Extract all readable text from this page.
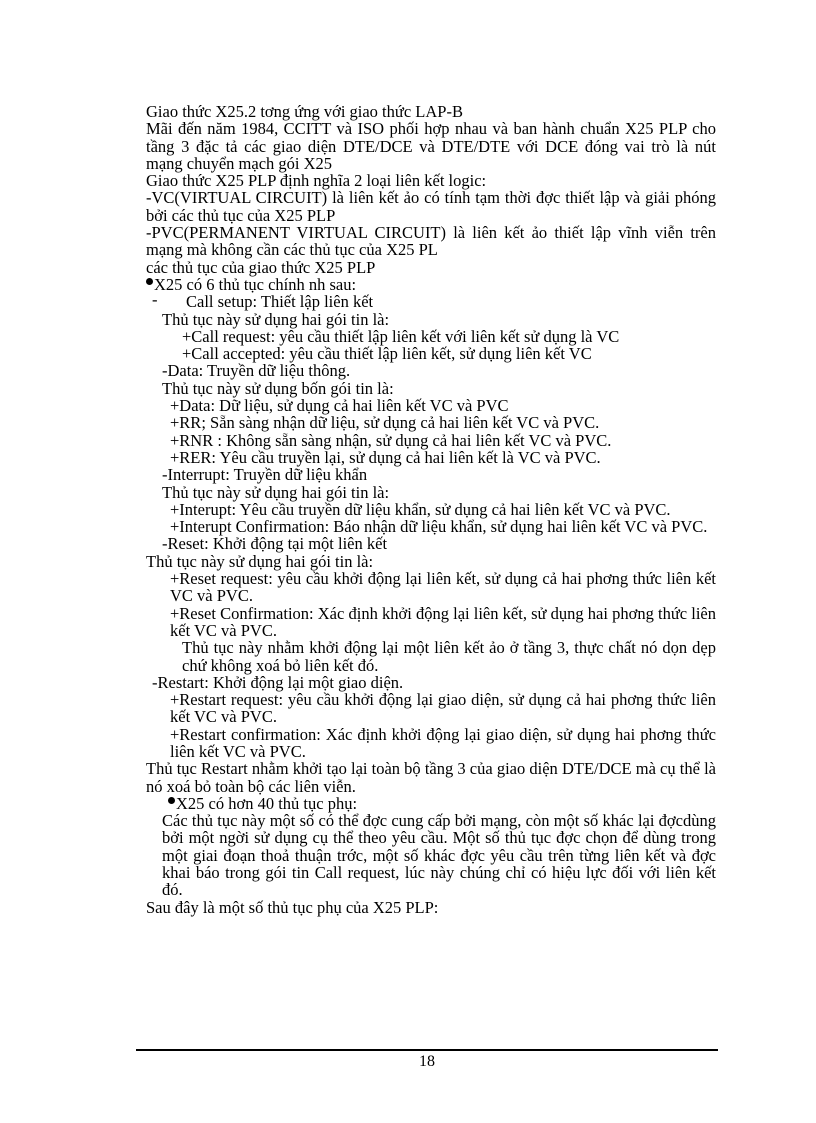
Giao thức X25.2 tơng ứng với giao thức LAP-B
Mãi đến năm 1984, CCITT và ISO phối hợp nhau và ban hành chuẩn X25 PLP cho tầng 3 đặc tả các giao diện DTE/DCE và DTE/DTE với DCE đóng vai trò là nút mạng chuyển mạch gói X25
Giao thức X25 PLP định nghĩa 2 loại liên kết logic:
-VC(VIRTUAL CIRCUIT) là liên kết ảo có tính tạm thời đợc thiết lập và giải phóng bởi các thủ tục của X25 PLP
-PVC(PERMANENT VIRTUAL CIRCUIT) là liên kết ảo thiết lập vĩnh viễn trên mạng mà không cần các thủ tục của X25 PL
các thủ tục của giao thức X25 PLP
X25 có 6 thủ tục chính nh sau:
-	Call setup: Thiết lập liên kết
Thủ tục này sử dụng hai gói tin là:
+Call request: yêu cầu thiết lập liên kết với liên kết sử dụng là VC
+Call accepted: yêu cầu thiết lập liên kết, sử dụng liên kết VC
-Data: Truyền dữ liệu thông.
Thủ tục này sử dụng bốn gói tin là:
+Data: Dữ liệu, sử dụng cả hai liên kết VC và PVC
+RR; Sẵn sàng nhận dữ liệu, sử dụng cả hai liên kết VC và PVC.
+RNR : Không sẵn sàng nhận, sử dụng cả hai liên kết VC và PVC.
+RER: Yêu cầu truyền lại, sử dụng cả hai liên kết là VC và PVC.
-Interrupt: Truyền dữ liệu khẩn
Thủ tục này sử dụng hai gói tin là:
+Interupt: Yêu cầu truyền dữ liệu khẩn, sử dụng cả hai liên kết VC và PVC.
+Interupt Confirmation: Báo nhận dữ liệu khẩn, sử dụng hai liên kết VC và PVC.
-Reset: Khởi động tại một liên kết
Thủ tục này sử dụng hai gói tin là:
+Reset request: yêu cầu khởi động lại liên kết, sử dụng cả hai phơng thức liên kết VC và PVC.
+Reset Confirmation: Xác định khởi động lại liên kết, sử dụng hai phơng thức liên kết VC và PVC.
Thủ tục này nhằm khởi động lại một liên kết ảo ở tầng 3, thực chất nó dọn dẹp chứ không xoá bỏ liên kết đó.
-Restart: Khởi động lại một giao diện.
+Restart request: yêu cầu khởi động lại giao diện, sử dụng cả hai phơng thức liên kết VC và PVC.
+Restart confirmation: Xác định khởi động lại giao diện, sử dụng hai phơng thức liên kết VC và PVC.
Thủ tục Restart nhằm khởi tạo lại toàn bộ tầng 3 của giao diện DTE/DCE mà cụ thể là nó xoá bỏ toàn bộ các liên viễn.
X25 có hơn 40 thủ tục phụ:
Các thủ tục này một số có thể đợc cung cấp bởi mạng, còn một số khác lại đợcdùng bởi một ngời sử dụng cụ thể theo yêu cầu. Một số thủ tục đợc chọn để dùng trong một giai đoạn thoả thuận trớc, một số khác đợc yêu cầu trên từng liên kết và đợc khai báo trong gói tin Call request, lúc này chúng chỉ có hiệu lực đối với liên kết đó.
Sau đây là một số thủ tục phụ của X25 PLP:
18
